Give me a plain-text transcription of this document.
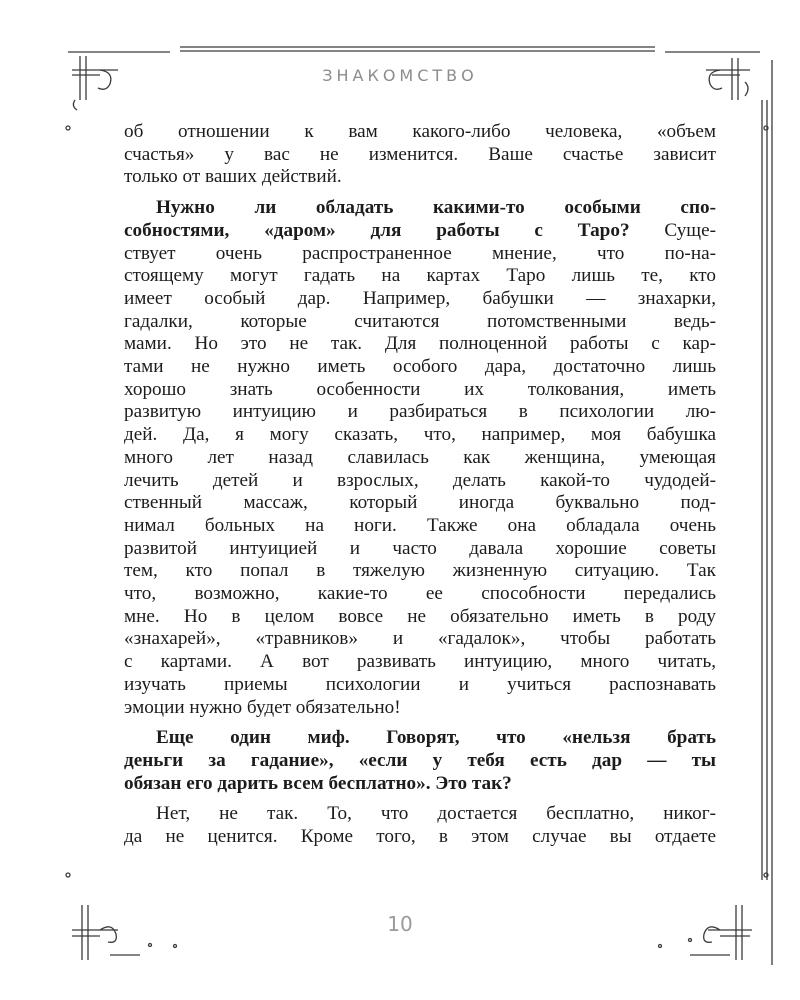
ЗНАКОМСТВО
об отношении к вам какого-либо человека, «объем
счастья» у вас не изменится. Ваше счастье зависит
только от ваших действий.
Нужно ли обладать какими-то особыми спо-
собностями, «даром» для работы с Таро? Суще-
ствует очень распространенное мнение, что по-на-
стоящему могут гадать на картах Таро лишь те, кто
имеет особый дар. Например, бабушки — знахарки,
гадалки, которые считаются потомственными ведь-
мами. Но это не так. Для полноценной работы с кар-
тами не нужно иметь особого дара, достаточно лишь
хорошо знать особенности их толкования, иметь
развитую интуицию и разбираться в психологии лю-
дей. Да, я могу сказать, что, например, моя бабушка
много лет назад славилась как женщина, умеющая
лечить детей и взрослых, делать какой-то чудодей-
ственный массаж, который иногда буквально под-
нимал больных на ноги. Также она обладала очень
развитой интуицией и часто давала хорошие советы
тем, кто попал в тяжелую жизненную ситуацию. Так
что, возможно, какие-то ее способности передались
мне. Но в целом вовсе не обязательно иметь в роду
«знахарей», «травников» и «гадалок», чтобы работать
с картами. А вот развивать интуицию, много читать,
изучать приемы психологии и учиться распознавать
эмоции нужно будет обязательно!
Еще один миф. Говорят, что «нельзя брать
деньги за гадание», «если у тебя есть дар — ты
обязан его дарить всем бесплатно». Это так?
Нет, не так. То, что достается бесплатно, никог-
да не ценится. Кроме того, в этом случае вы отдаете
10
